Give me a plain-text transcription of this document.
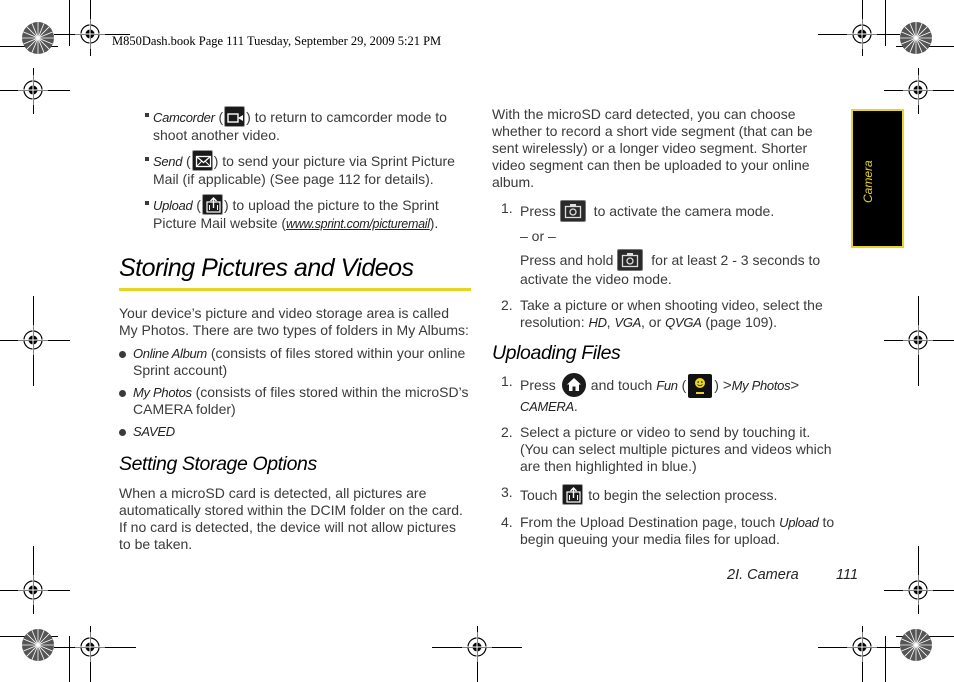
M850Dash.book Page 111 Tuesday, September 29, 2009 5:21 PM
Camera
Camcorder ( ) to return to camcorder mode to shoot another video.
Send ( ) to send your picture via Sprint Picture Mail (if applicable) (See page 112 for details).
Upload ( ) to upload the picture to the Sprint Picture Mail website (www.sprint.com/picturemail).
Storing Pictures and Videos
Your device’s picture and video storage area is called My Photos. There are two types of folders in My Albums:
Online Album (consists of files stored within your online Sprint account)
My Photos (consists of files stored within the microSD’s CAMERA folder)
SAVED
Setting Storage Options
When a microSD card is detected, all pictures are automatically stored within the DCIM folder on the card. If no card is detected, the device will not allow pictures to be taken.
With the microSD card detected, you can choose whether to record a short vide segment (that can be sent wirelessly) or a longer video segment. Shorter video segment can then be uploaded to your online album.
1. Press
to activate the camera mode.
– or –
Press and hold
for at least 2 - 3 seconds to activate the video mode.
2. Take a picture or when shooting video, select the resolution: HD, VGA, or QVGA (page 109).
Uploading Files
1. Press	and touch Fun ( ) >My Photos>
CAMERA.
2. Select a picture or video to send by touching it. (You can select multiple pictures and videos which are then highlighted in blue.)
3. Touch
to begin the selection process.
4. From the Upload Destination page, touch Upload to begin queuing your media files for upload.
2I. Camera	111
